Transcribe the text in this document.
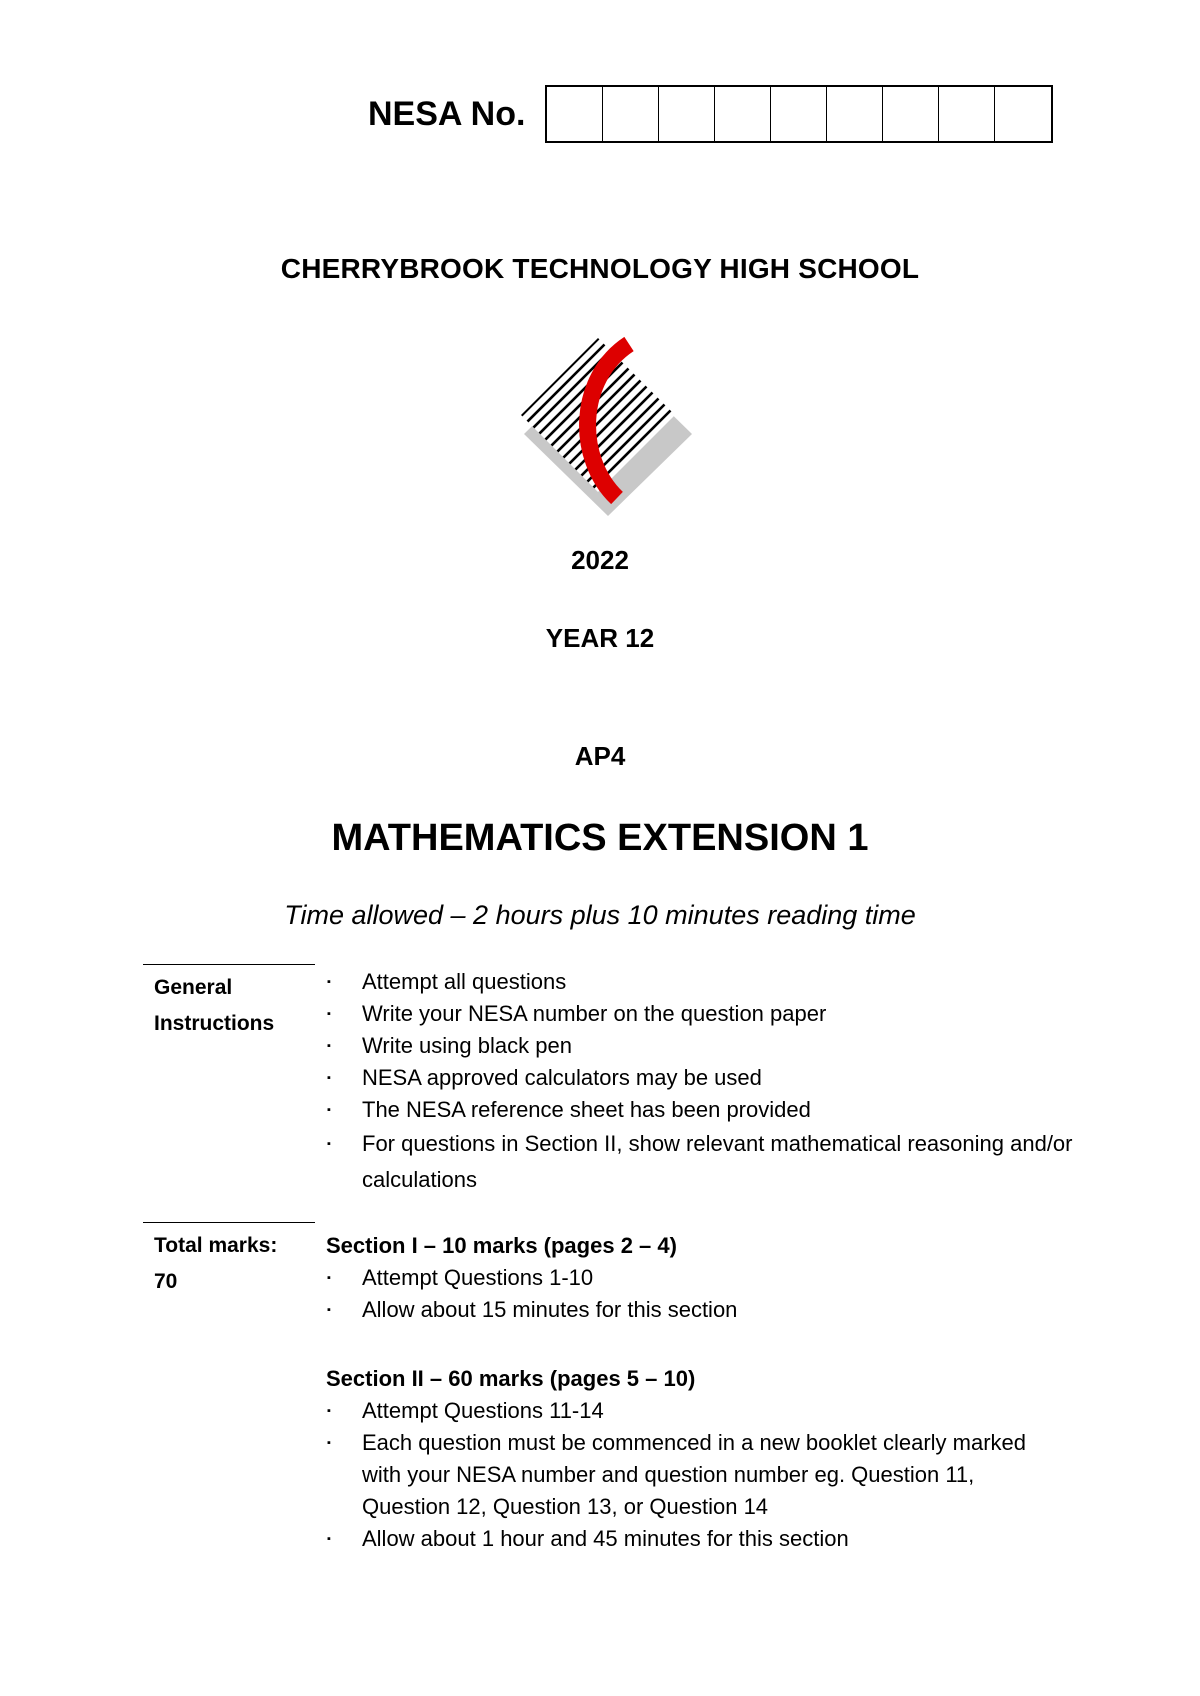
NESA No.
CHERRYBROOK TECHNOLOGY HIGH SCHOOL
2022
YEAR 12
AP4
MATHEMATICS EXTENSION 1
Time allowed – 2 hours plus 10 minutes reading time
General
Instructions
▪ Attempt all questions
▪ Write your NESA number on the question paper
▪ Write using black pen
▪ NESA approved calculators may be used
▪ The NESA reference sheet has been provided
▪ For questions in Section II, show relevant mathematical reasoning and/or calculations
Total marks:
70
Section I – 10 marks (pages 2 – 4)
▪ Attempt Questions 1-10
▪ Allow about 15 minutes for this section
Section II – 60 marks (pages 5 – 10)
▪ Attempt Questions 11-14
▪ Each question must be commenced in a new booklet clearly marked with your NESA number and question number eg. Question 11, Question 12, Question 13, or Question 14
▪ Allow about 1 hour and 45 minutes for this section
